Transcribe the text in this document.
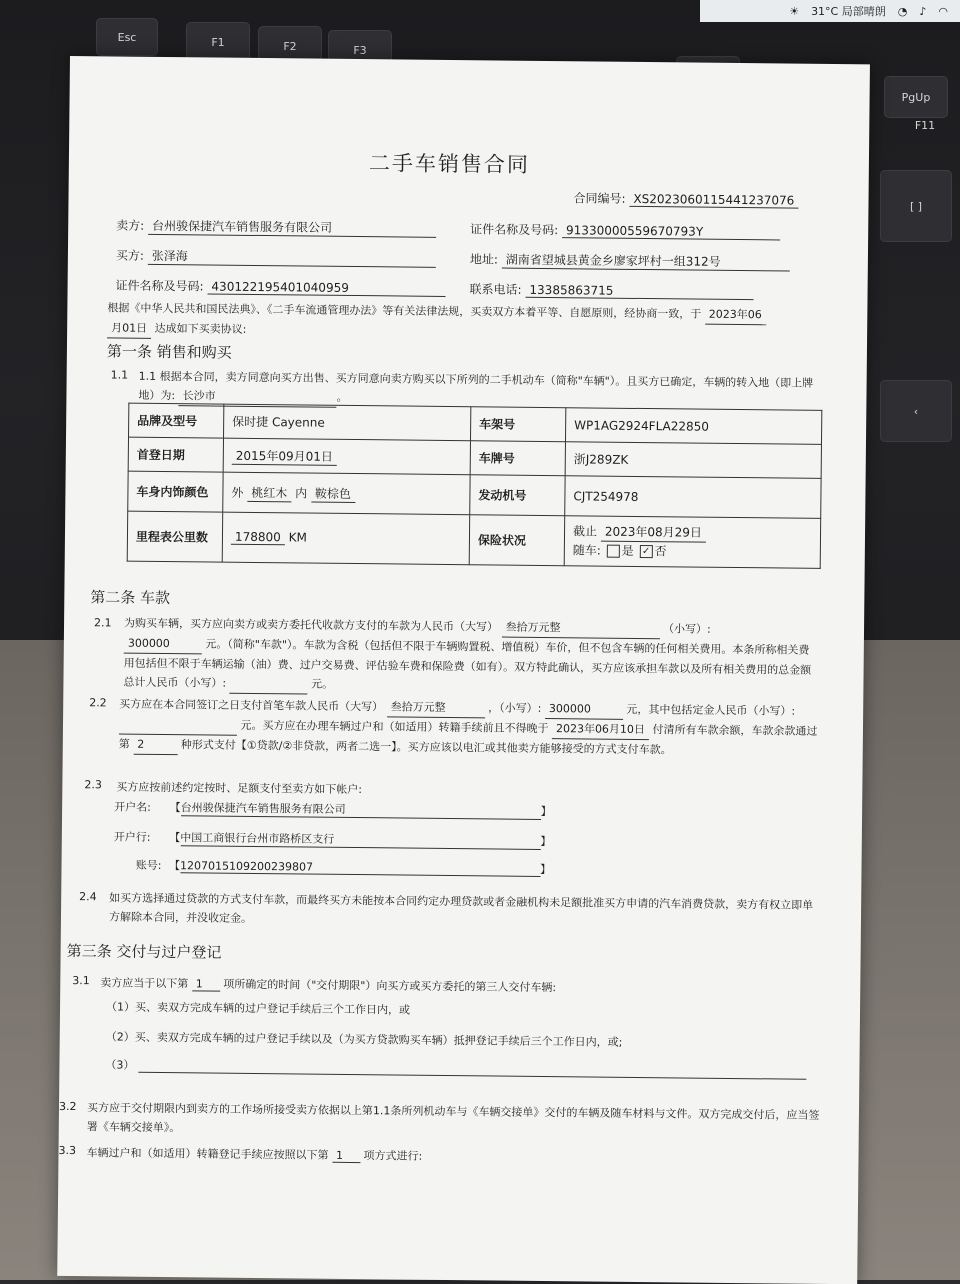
Esc	F1	F2	F3
PgUp
F11
[ ]
‹
☀ 31°C 局部晴朗 ◔ ♪ ◠
二手车销售合同
合同编号: XS2023060115441237076
卖方: 台州骏保捷汽车销售服务有限公司	证件名称及号码: 91330000559670793Y
买方: 张泽海	地址: 湖南省望城县黄金乡廖家坪村一组312号
证件名称及号码: 430122195401040959	联系电话: 13385863715
根据《中华人民共和国民法典》、《二手车流通管理办法》等有关法律法规，买卖双方本着平等、自愿原则，经协商一致，于 2023年06
月01日 达成如下买卖协议:
第一条 销售和购买
1.1 1.1 根据本合同，卖方同意向买方出售、买方同意向卖方购买以下所列的二手机动车（简称"车辆"）。且买方已确定，车辆的转入地（即上牌地）为: 长沙市	。
品牌及型号	保时捷 Cayenne	车架号	WP1AG2924FLA22850
首登日期	2015年09月01日	车牌号	浙J289ZK
车身内饰颜色	外 桃红木 内 鞍棕色	发动机号	CJT254978
里程表公里数	178800 KM	保险状况	截止 2023年08月29日
随车: 是 ✓ 否
第二条 车款
2.1 为购买车辆，买方应向卖方或卖方委托代收款方支付的车款为人民币（大写） 叁拾万元整	（小写）:
300000	元。（简称"车款"）。车款为含税（包括但不限于车辆购置税、增值税）车价，但不包含车辆的任何相关费用。本条所称相关费用包括但不限于车辆运输（油）费、过户交易费、评估验车费和保险费（如有）。双方特此确认，买方应该承担车款以及所有相关费用的总金额总计人民币（小写）:	元。
2.2 买方应在本合同签订之日支付首笔车款人民币（大写） 叁拾万元整	，（小写）: 300000	元，其中包括定金人民币（小写）:   元。买方应在办理车辆过户和（如适用）转籍手续前且不得晚于 2023年06月10日 付清所有车款余额，车款余款通过第 2	种形式支付【①贷款/②非贷款，两者二选一】。买方应该以电汇或其他卖方能够接受的方式支付车款。
2.3 买方应按前述约定按时、足额支付至卖方如下帐户:
开户名: 【台州骏保捷汽车销售服务有限公司	】
开户行: 【中国工商银行台州市路桥区支行	】
账号: 【1207015109200239807	】
2.4 如买方选择通过贷款的方式支付车款，而最终买方未能按本合同约定办理贷款或者金融机构未足额批准买方申请的汽车消费贷款，卖方有权立即单方解除本合同，并没收定金。
第三条 交付与过户登记
3.1 卖方应当于以下第 1 项所确定的时间（"交付期限"）向买方或买方委托的第三人交付车辆:
（1）买、卖双方完成车辆的过户登记手续后三个工作日内，或
（2）买、卖双方完成车辆的过户登记手续以及（为买方贷款购买车辆）抵押登记手续后三个工作日内，或;
（3）
3.2 买方应于交付期限内到卖方的工作场所接受卖方依据以上第1.1条所列机动车与《车辆交接单》交付的车辆及随车材料与文件。双方完成交付后，应当签署《车辆交接单》。
3.3 车辆过户和（如适用）转籍登记手续应按照以下第 1 项方式进行:
